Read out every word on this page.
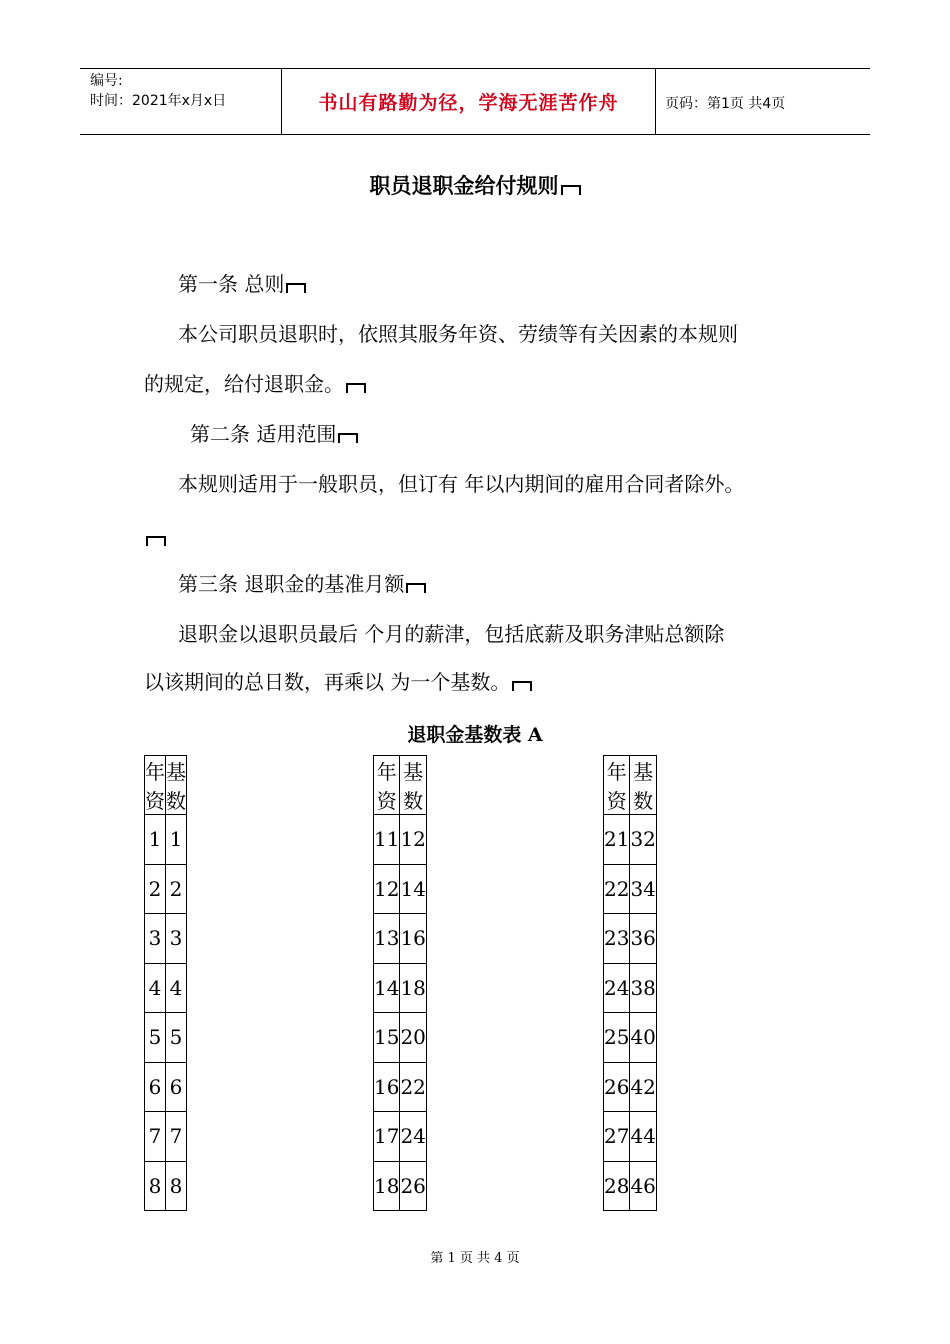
编号:
时间：2021年x月x日	书山有路勤为径，学海无涯苦作舟	页码：第1页 共4页
职员退职金给付规则
第一条 总则
本公司职员退职时，依照其服务年资、劳绩等有关因素的本规则
的规定，给付退职金。
第二条 适用范围
本规则适用于一般职员，但订有 年以内期间的雇用合同者除外。
第三条 退职金的基准月额
退职金以退职员最后 个月的薪津，包括底薪及职务津贴总额除
以该期间的总日数，再乘以 为一个基数。
退职金基数表 A
年资	基数
1	1
2	2
3	3
4	4
5	5
6	6
7	7
8	8
年资	基数
11	12
12	14
13	16
14	18
15	20
16	22
17	24
18	26
年资	基数
21	32
22	34
23	36
24	38
25	40
26	42
27	44
28	46
第 1 页 共 4 页
